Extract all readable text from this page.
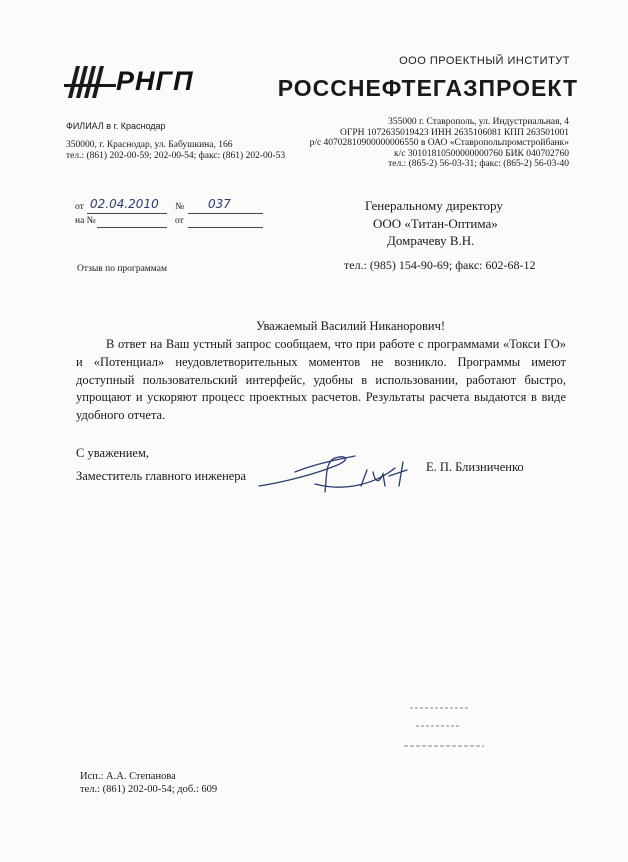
РНГП
ООО ПРОЕКТНЫЙ ИНСТИТУТ
РОССНЕФТЕГАЗПРОЕКТ
ФИЛИАЛ в г. Краснодар
350000, г. Краснодар, ул. Бабушкина, 166
тел.: (861) 202-00-59; 202-00-54; факс: (861) 202-00-53
355000 г. Ставрополь, ул. Индустриальная, 4
ОГРН 1072635019423 ИНН 2635106081 КПП 263501001
р/с 40702810900000006550 в ОАО «Ставропольпромстройбанк»
к/с 30101810500000000760 БИК 040702760
тел.: (865-2) 56-03-31; факс: (865-2) 56-03-40
от 02.04.2010 № 037
на №	от
Генеральному директору
ООО «Титан-Оптима»
Домрачеву В.Н.
Отзыв по программам	тел.: (985) 154-90-69; факс: 602-68-12
Уважаемый Василий Никанорович!

В ответ на Ваш устный запрос сообщаем, что при работе с программами «Токси ГО» и «Потенциал» неудовлетворительных моментов не возникло. Программы имеют доступный пользовательский интерфейс, удобны в использовании, работают быстро, упрощают и ускоряют процесс проектных расчетов. Результаты расчета выдаются в виде удобного отчета.

С уважением,
Заместитель главного инженера
Е. П. Близниченко
Исп.: А.А. Степанова
тел.: (861) 202-00-54; доб.: 609
